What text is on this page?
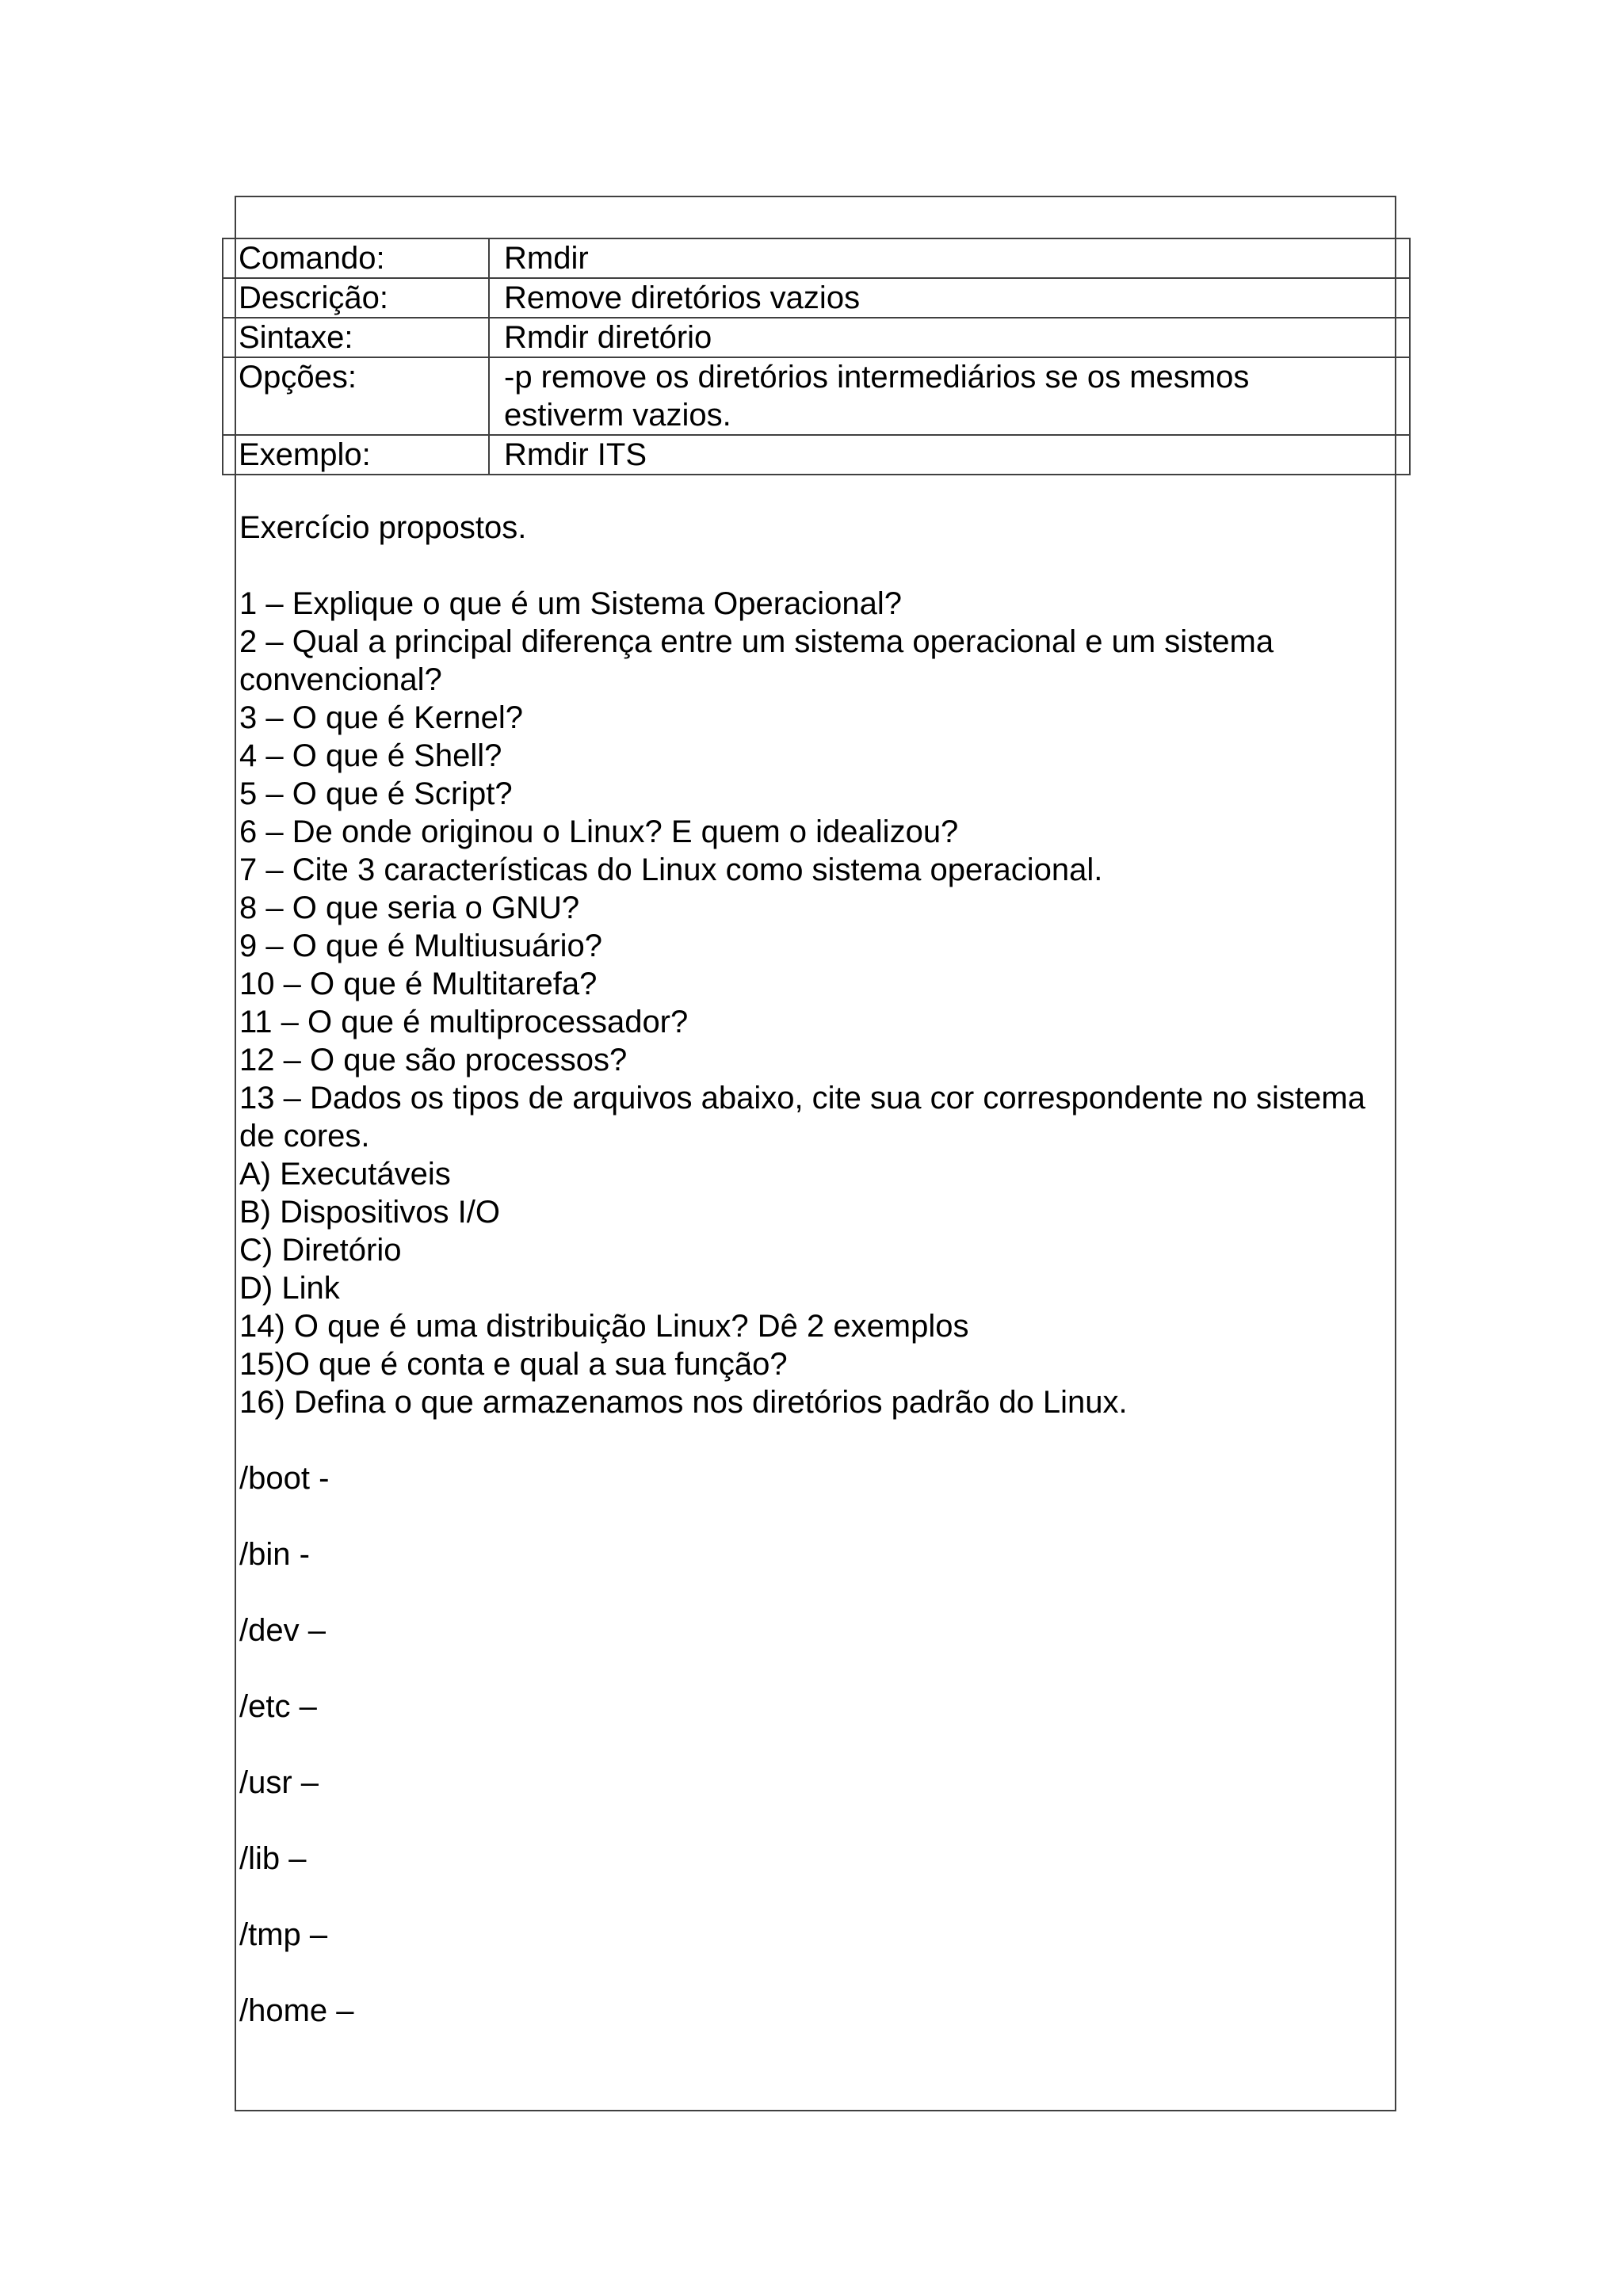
Comando:	Rmdir
Descrição:	Remove diretórios vazios
Sintaxe:	Rmdir diretório
Opções:	-p remove os diretórios intermediários se os mesmos estiverm vazios.
Exemplo:	Rmdir ITS

Exercício propostos.

1 – Explique o que é um Sistema Operacional?

2 – Qual a principal diferença entre um sistema operacional e um sistema convencional?

3 – O que é Kernel?

4 – O que é Shell?

5 – O que é Script?

6 – De onde originou o Linux? E quem o idealizou?

7 – Cite 3 características do Linux como sistema operacional.

8 – O que seria o GNU?

9 – O que é Multiusuário?

10 – O que é Multitarefa?

11 – O que é multiprocessador?

12 – O que são processos?

13 – Dados os tipos de arquivos abaixo, cite sua cor correspondente no sistema de cores.

A) Executáveis

B) Dispositivos I/O

C) Diretório

D) Link

14) O que é uma distribuição Linux? Dê 2 exemplos

15)O que é conta e qual a sua função?

16) Defina o que armazenamos nos diretórios padrão do Linux.

/boot -

/bin -

/dev –

/etc –

/usr –

/lib –

/tmp –

/home –
